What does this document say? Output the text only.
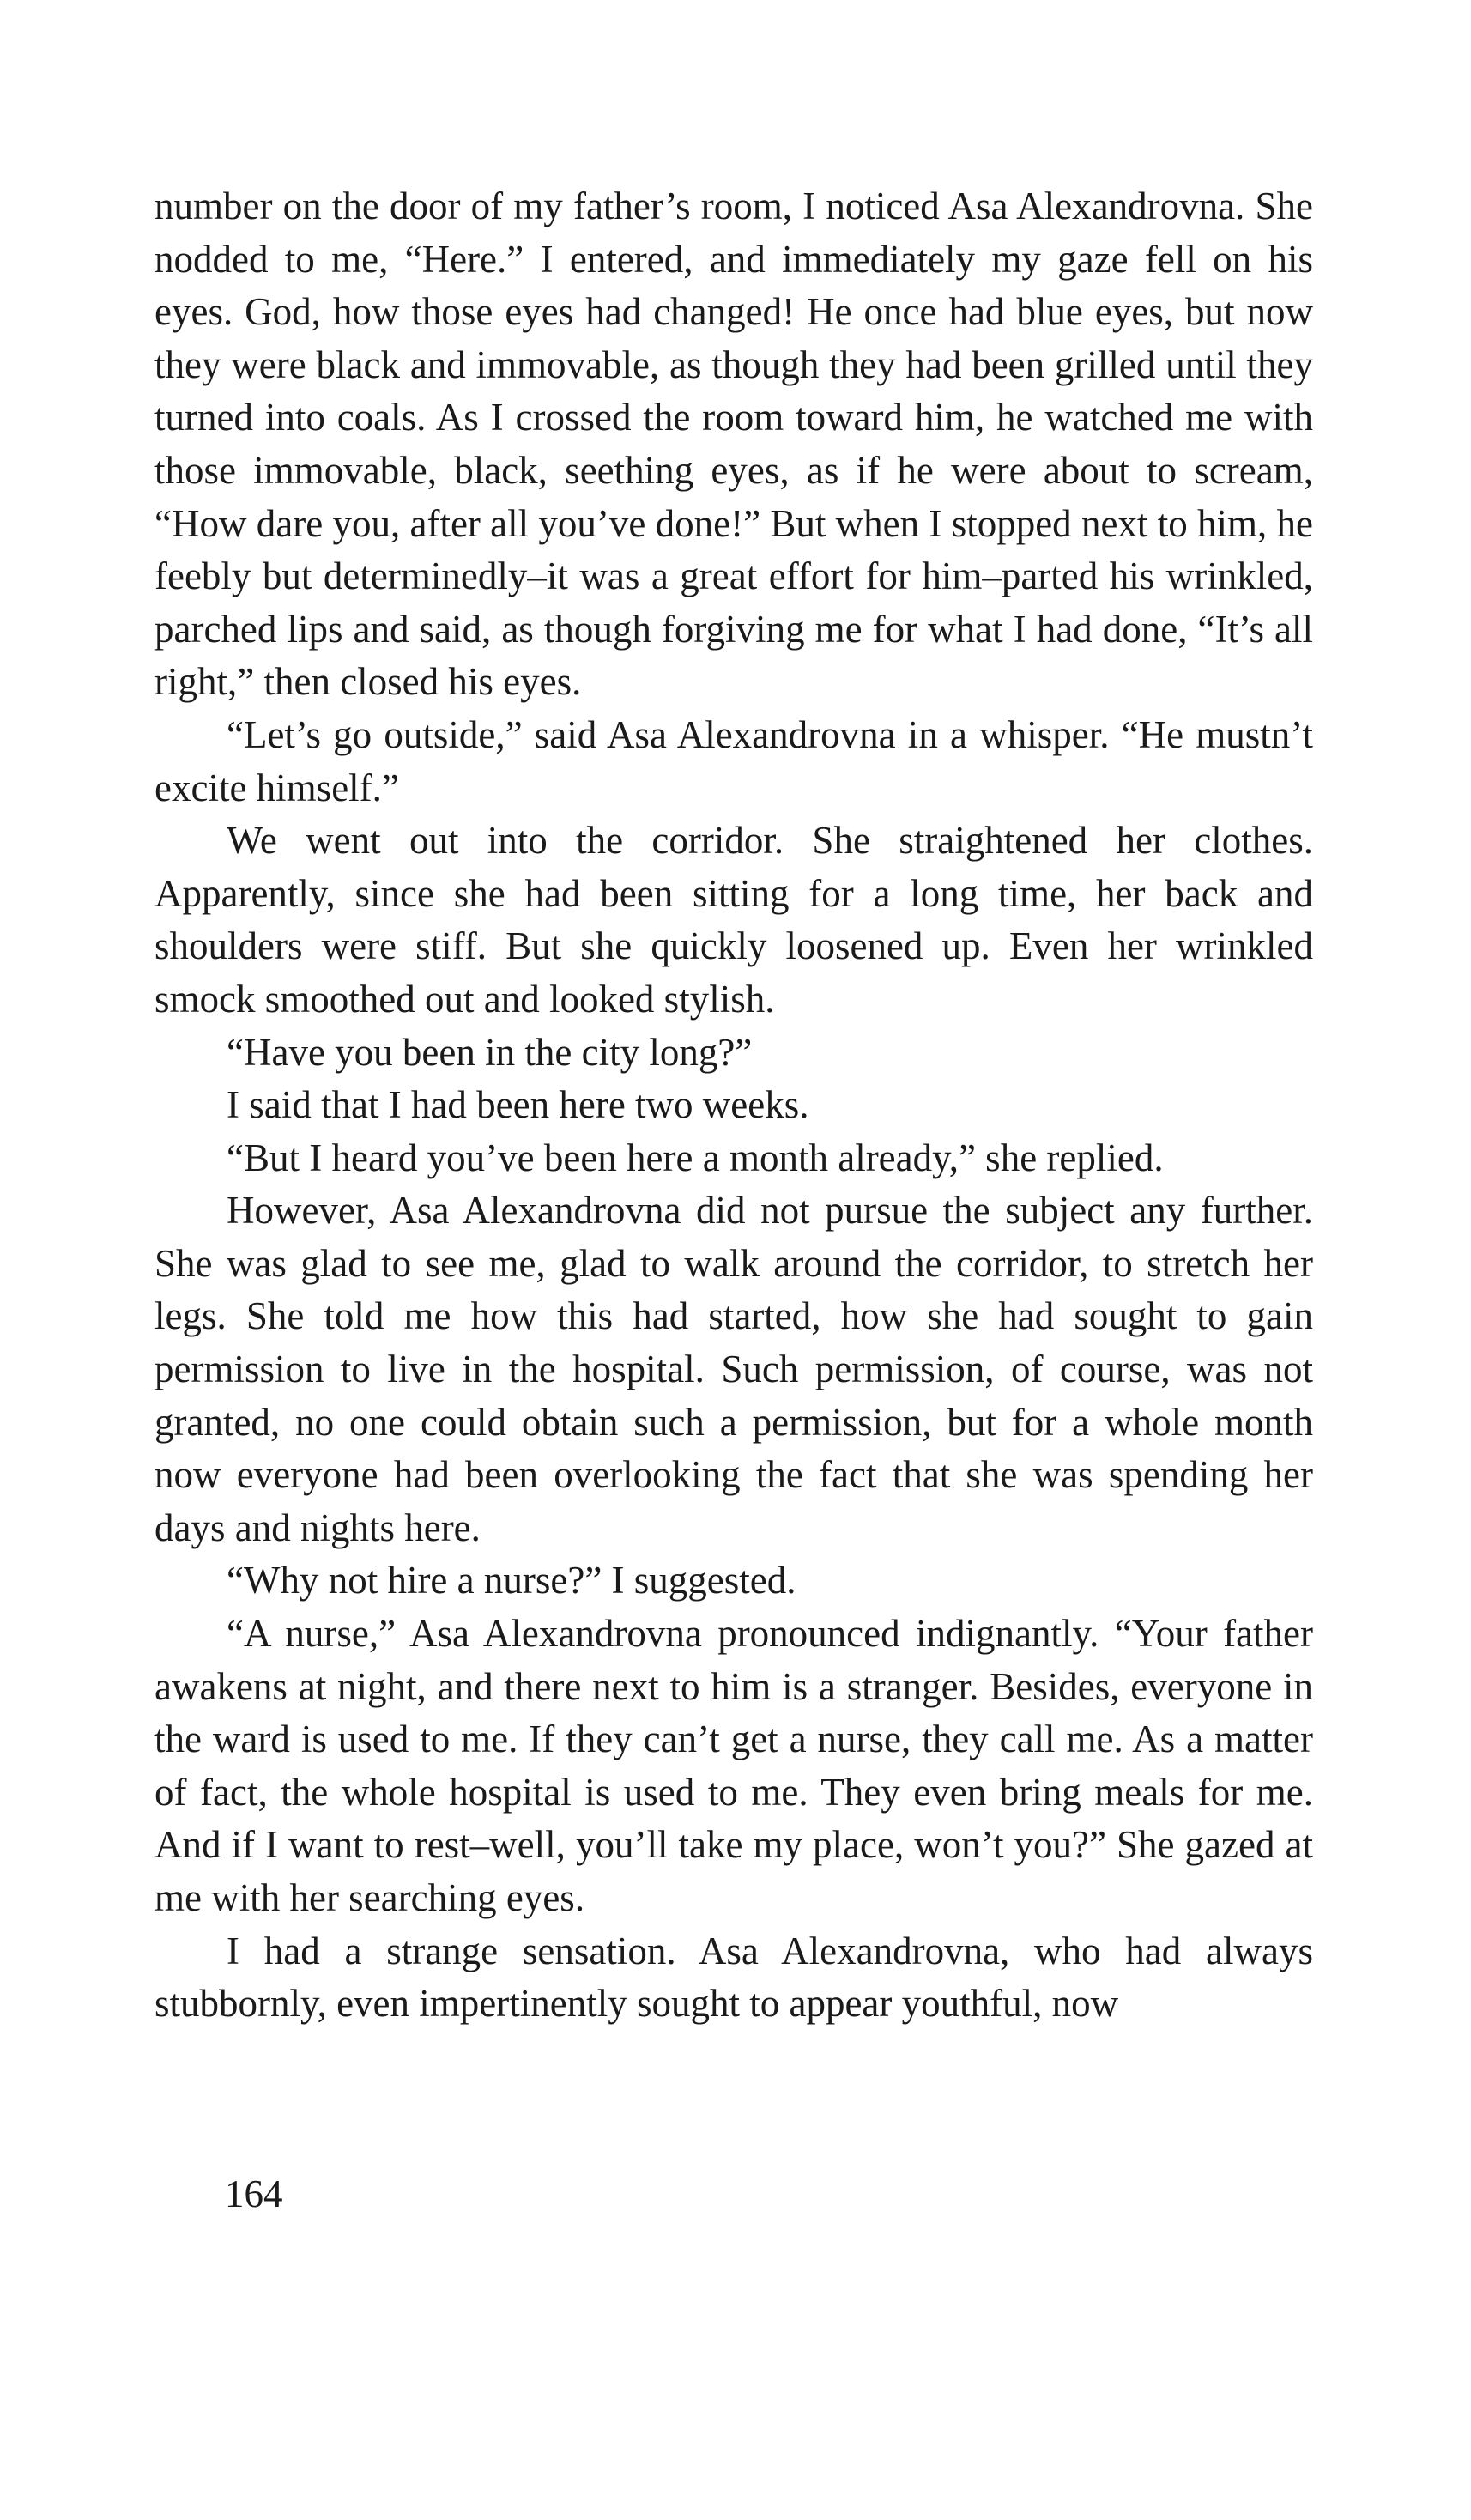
number on the door of my father’s room, I noticed Asa Alexandrovna. She nodded to me, “Here.” I entered, and immediately my gaze fell on his eyes. God, how those eyes had changed! He once had blue eyes, but now they were black and immovable, as though they had been grilled until they turned into coals. As I crossed the room toward him, he watched me with those immovable, black, seething eyes, as if he were about to scream, “How dare you, after all you’ve done!” But when I stopped next to him, he feebly but determinedly–it was a great effort for him–parted his wrinkled, parched lips and said, as though forgiving me for what I had done, “It’s all right,” then closed his eyes.

“Let’s go outside,” said Asa Alexandrovna in a whisper. “He mustn’t excite himself.”

We went out into the corridor. She straightened her clothes. Apparently, since she had been sitting for a long time, her back and shoulders were stiff. But she quickly loosened up. Even her wrinkled smock smoothed out and looked stylish.

“Have you been in the city long?”

I said that I had been here two weeks.

“But I heard you’ve been here a month already,” she replied.

However, Asa Alexandrovna did not pursue the subject any further. She was glad to see me, glad to walk around the corridor, to stretch her legs. She told me how this had started, how she had sought to gain permission to live in the hospital. Such permission, of course, was not granted, no one could obtain such a permission, but for a whole month now everyone had been overlooking the fact that she was spending her days and nights here.

“Why not hire a nurse?” I suggested.

“A nurse,” Asa Alexandrovna pronounced indignantly. “Your father awakens at night, and there next to him is a stranger. Besides, everyone in the ward is used to me. If they can’t get a nurse, they call me. As a matter of fact, the whole hospital is used to me. They even bring meals for me. And if I want to rest–well, you’ll take my place, won’t you?” She gazed at me with her searching eyes.

I had a strange sensation. Asa Alexandrovna, who had always stubbornly, even impertinently sought to appear youthful, now

164
